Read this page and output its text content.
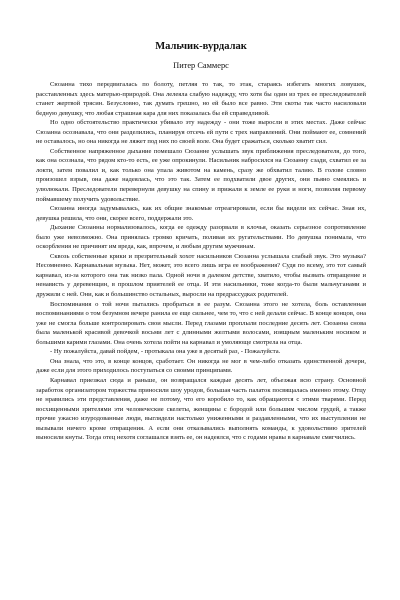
Мальчик-вурдалак
Питер Саммерс

Сюзанна тихо передвигалась по болоту, петляя то так, то этак, стараясь избегать многих ловушек, расставленных здесь матерью-природой. Она лелеяла слабую надежду, что хотя бы один из трех ее преследователей станет жертвой трясин. Безусловно, так думать грешно, но ей было все равно. Эти скоты так часто насиловали бедную девушку, что любая страшная кара для них показалась бы ей справедливой.

Но одно обстоятельство практически убивало эту надежду - они тоже выросли в этих местах. Даже сейчас Сюзанна осознавала, что они разделились, планируя отсечь ей пути с трех направлений. Они поймают ее, сомнений не оставалось, но она никогда не ляжет под них по своей воле. Она будет сражаться, сколько хватит сил.

Собственное напряженное дыхание помешало Сюзанне услышать звук приближения преследователя, до того, как она осознала, что рядом кто-то есть, ее уже опрокинули. Насильник набросился на Сюзанну сзади, схватил ее за локти, затем повалил и, как только она упала животом на камень, сразу же обхватил талию. В голове словно произошел взрыв, она даже надеялась, что это так. Затем ее подхватили двое других, они пьяно смеялись и улюлюкали. Преследователи перевернули девушку на спину и прижали к земле ее руки и ноги, позволяя первому поймавшему получить удовольствие.

Сюзанна иногда задумывалась, как их общие знакомые отреагировали, если бы видели их сейчас. Зная их, девушка решила, что они, скорее всего, поддержали это.

Дыхание Сюзанны нормализовалось, когда ее одежду разорвали в клочья, оказать серьезное сопротивление было уже невозможно. Она принялась громко кричать, поливая их ругательствами. Но девушка понимала, что оскорбления не причинят им вреда, как, впрочем, и любым другим мужчинам.

Сквозь собственные крики и презрительный хохот насильников Сюзанна услышала слабый звук. Это музыка? Несомненно. Карнавальная музыка. Нет, может, это всего лишь игра ее воображения? Судя по всему, это тот самый карнавал, из-за которого она так низко пала. Одной ночи в далеком детстве, хватило, чтобы вызвать отвращение и ненависть у деревенщин, в прошлом приятелей ее отца. И эти насильники, тоже когда-то были мальчуганами и дружили с ней. Они, как и большинство остальных, выросли на предрассудках родителей.

Воспоминания о той ночи пытались пробраться в ее разум. Сюзанна этого не хотела, боль оставленная воспоминаниями о том безумном вечере ранила ее еще сильнее, чем то, что с ней делали сейчас. В конце концов, она уже не смогла больше контролировать свои мысли. Перед глазами проплыли последние десять лет. Сюзанна снова была маленькой красивой девочкой восьми лет с длинными желтыми волосами, изящным маленьким носиком и большими карими глазами. Она очень хотела пойти на карнавал и умоляюще смотрела на отца.

- Ну пожалуйста, давай пойдем, - протыкала она уже в десятый раз, - Пожалуйста.

Она знала, что это, в конце концов, сработает. Он никогда не мог в чем-либо отказать единственной дочери, даже если для этого приходилось поступаться со своими принципами.

Карнавал приезжал сюда и раньше, он возвращался каждые десять лет, объезжая всю страну. Основной заработок организатором торжества приносили шоу уродов, большая часть палаток посвящалась именно этому. Отцу не нравились эти представления, даже не потому, что его коробило то, как обращаются с этими тварями. Перед восхищенными зрителями эти человеческие скелеты, женщины с бородой или большим числом грудей, а также прочие ужасно изуродованные люди, выглядели настолько униженными и раздавленными, что их выступления не вызывали ничего кроме отвращения. А если они отказывались выполнять команды, к удовольствию зрителей выносили кнуты. Тогда отец нехотя соглашался взять ее, он надеялся, что с годами нравы в карнавале смягчились.
